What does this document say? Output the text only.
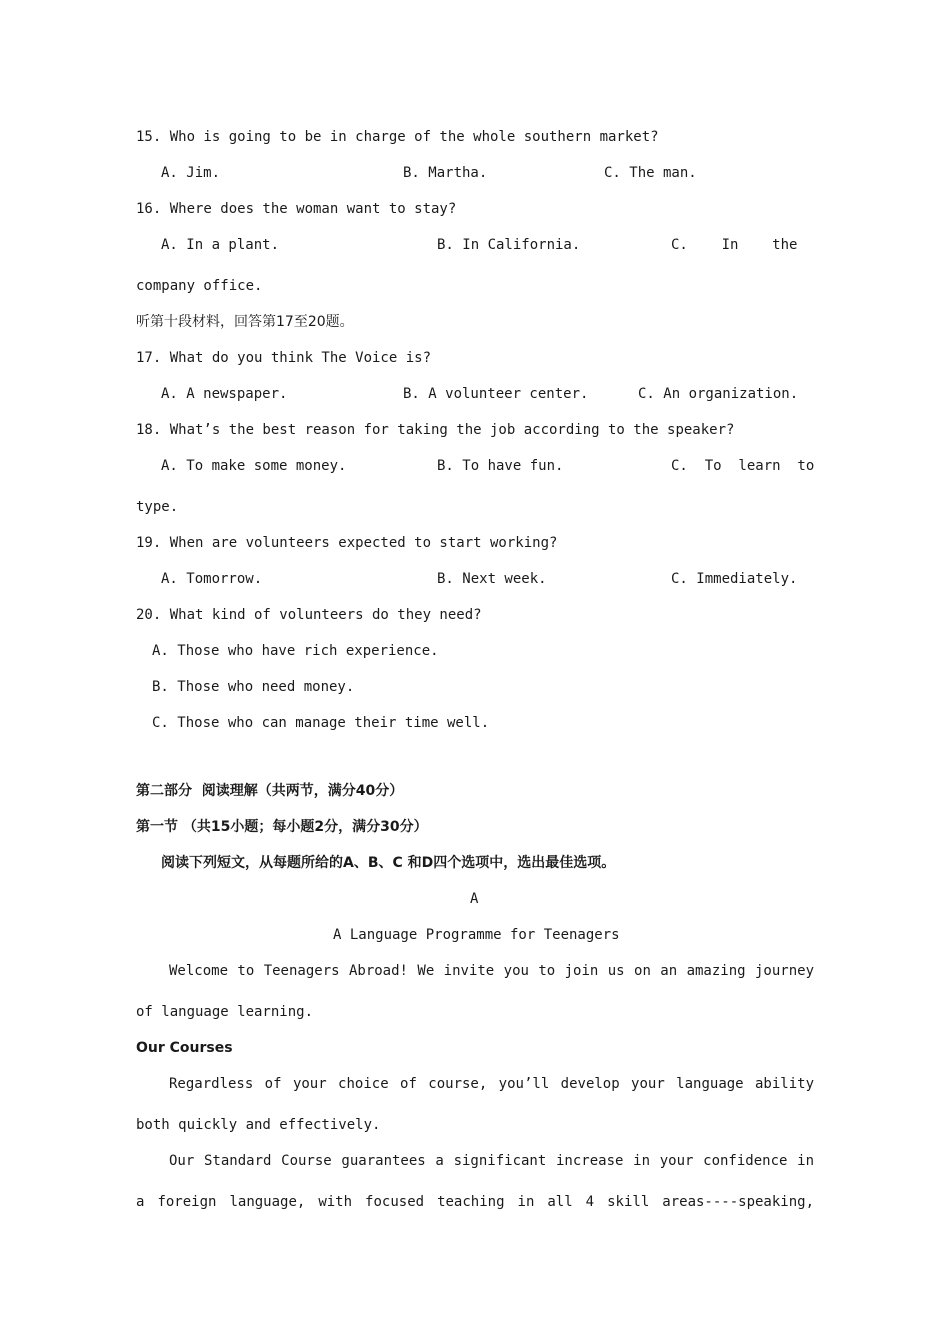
15. Who is going to be in charge of the whole southern market?
A. Jim.	B. Martha.	C. The man.
16. Where does the woman want to stay?
A. In a plant.	B. In California.	C.    In    the
company office.
听第十段材料，回答第17至20题。
17. What do you think The Voice is?
A. A newspaper.	B. A volunteer center.	C. An organization.
18. What’s the best reason for taking the job according to the speaker?
A. To make some money.	B. To have fun.	C.  To  learn  to
type.
19. When are volunteers expected to start working?
A. Tomorrow.	B. Next week.	C. Immediately.
20. What kind of volunteers do they need?
A. Those who have rich experience.
B. Those who need money.
C. Those who can manage their time well.
第二部分  阅读理解（共两节，满分40分）
第一节 （共15小题；每小题2分，满分30分）
阅读下列短文，从每题所给的A、B、C 和D四个选项中，选出最佳选项。
A
A Language Programme for Teenagers
Welcome to Teenagers Abroad! We invite you to join us on an amazing journey
of language learning.
Our Courses
Regardless of your choice of course, you’ll develop your language ability
both quickly and effectively.
Our Standard Course guarantees a significant increase in your confidence in
a foreign language, with focused teaching in all 4 skill areas----speaking,
